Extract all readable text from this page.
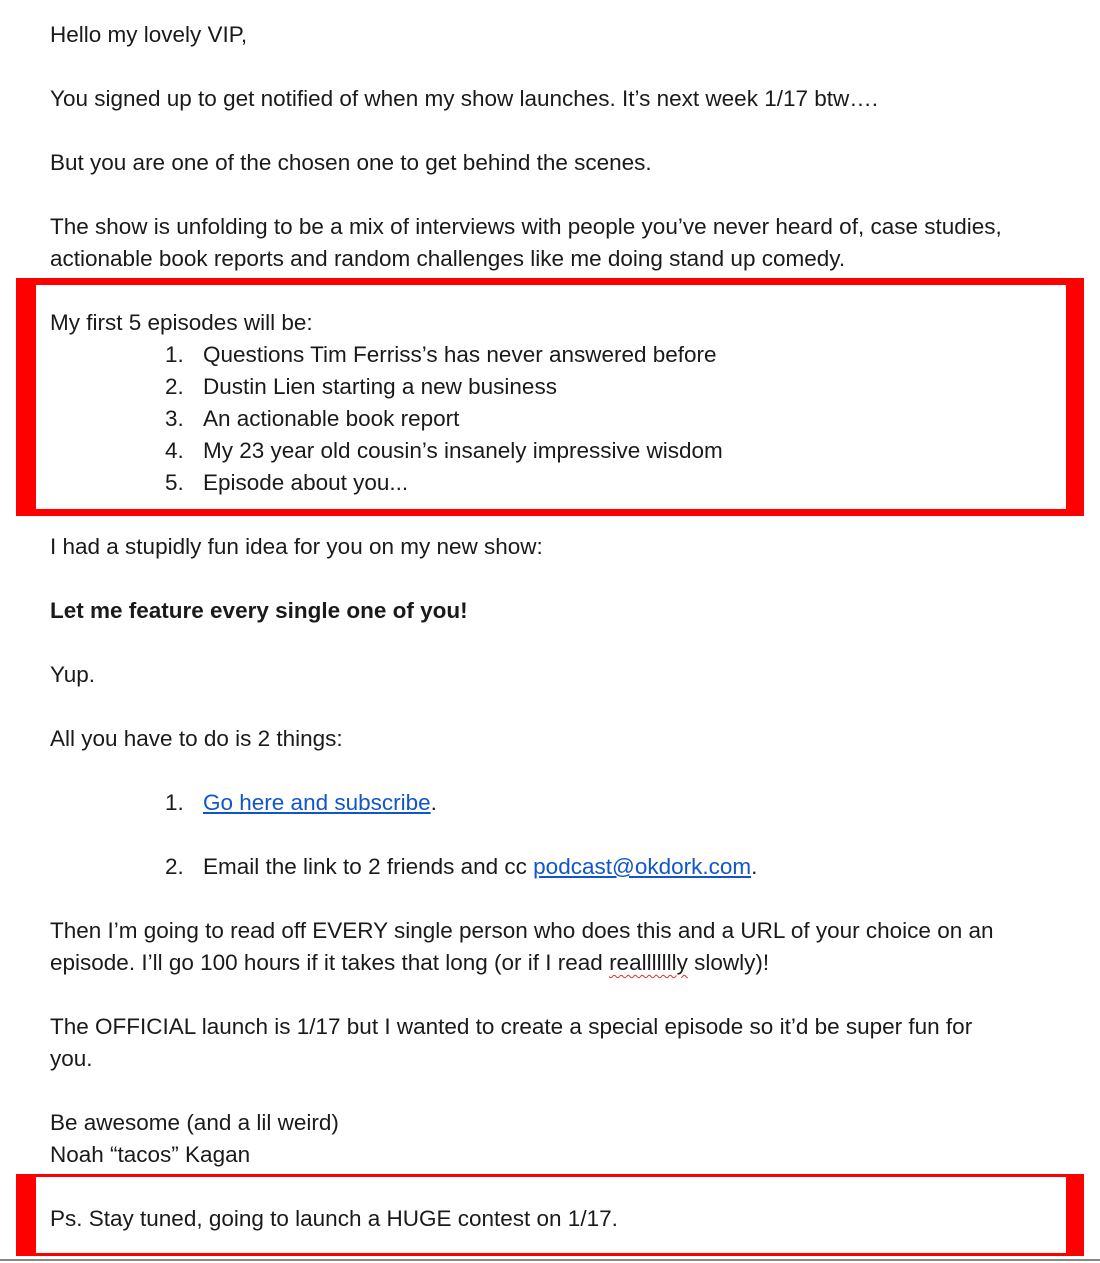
Hello my lovely VIP,
You signed up to get notified of when my show launches. It’s next week 1/17 btw….
But you are one of the chosen one to get behind the scenes.
The show is unfolding to be a mix of interviews with people you’ve never heard of, case studies,
actionable book reports and random challenges like me doing stand up comedy.
My first 5 episodes will be:
1. Questions Tim Ferriss’s has never answered before
2. Dustin Lien starting a new business
3. An actionable book report
4. My 23 year old cousin’s insanely impressive wisdom
5. Episode about you...
I had a stupidly fun idea for you on my new show:
Let me feature every single one of you!
Yup.
All you have to do is 2 things:
1. Go here and subscribe.
2. Email the link to 2 friends and cc podcast@okdork.com.
Then I’m going to read off EVERY single person who does this and a URL of your choice on an
episode. I’ll go 100 hours if it takes that long (or if I read reallllllly slowly)!
The OFFICIAL launch is 1/17 but I wanted to create a special episode so it’d be super fun for
you.
Be awesome (and a lil weird)
Noah “tacos” Kagan
Ps. Stay tuned, going to launch a HUGE contest on 1/17.
